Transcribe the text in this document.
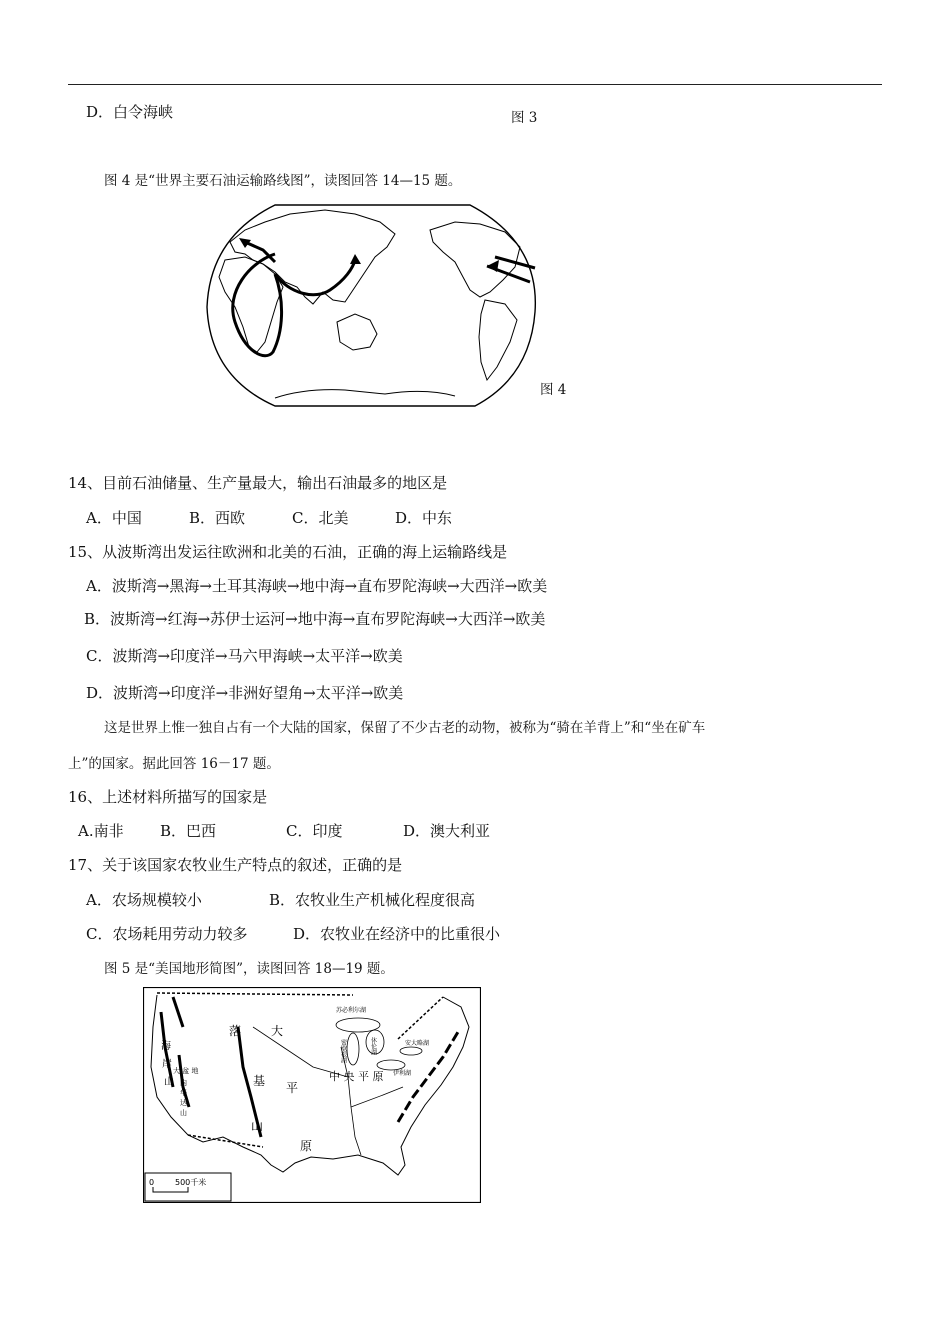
D．白令海峡	图 3
图 4 是“世界主要石油运输路线图”，读图回答 14—15 题。
图 4
14、目前石油储量、生产量最大，输出石油最多的地区是
A．中国	B．西欧	C．北美	D．中东
15、从波斯湾出发运往欧洲和北美的石油，正确的海上运输路线是
A．波斯湾→黑海→土耳其海峡→地中海→直布罗陀海峡→大西洋→欧美
B．波斯湾→红海→苏伊士运河→地中海→直布罗陀海峡→大西洋→欧美
C．波斯湾→印度洋→马六甲海峡→太平洋→欧美
D．波斯湾→印度洋→非洲好望角→太平洋→欧美
这是世界上惟一独自占有一个大陆的国家，保留了不少古老的动物，被称为“骑在羊背上”和“坐在矿车
上”的国家。据此回答 16－17 题。
16、上述材料所描写的国家是
A.南非 B．巴西	C．印度	D．澳大利亚
17、关于该国家农牧业生产特点的叙述，正确的是
A．农场规模较小	B．农牧业生产机械化程度很高
C．农场耗用劳动力较多	D．农牧业在经济中的比重很小
图 5 是“美国地形简图”，读图回答 18—19 题。
0	500千米
落
基
山
大
平
原
中 央 平 原
海
岸
山
大 盆 地
内
华
达
山
苏必利尔湖
密歇根湖	休伦湖
伊利湖
安大略湖
